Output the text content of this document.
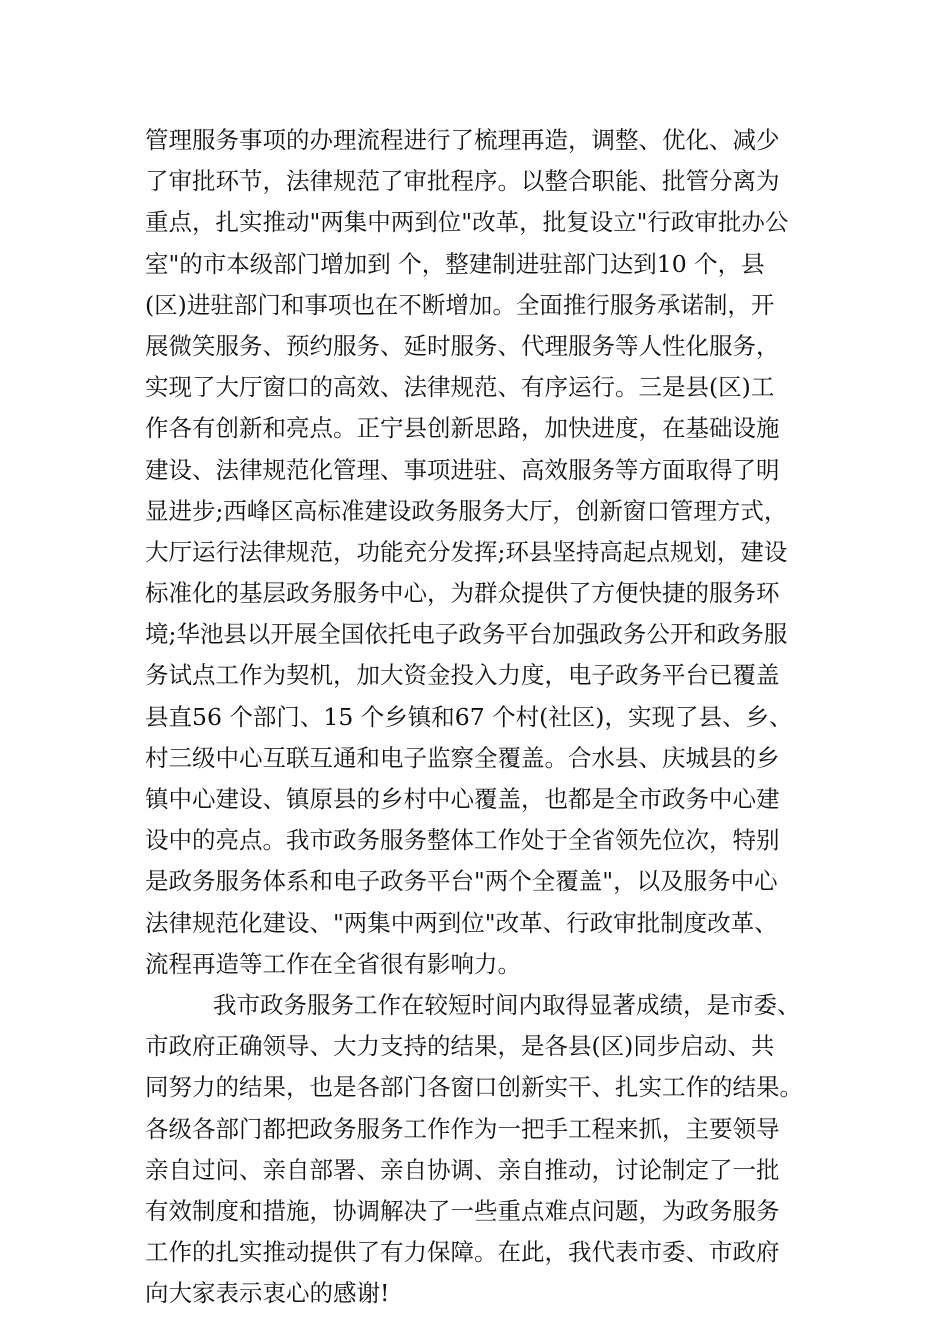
管理服务事项的办理流程进行了梳理再造，调整、优化、减少
了审批环节，法律规范了审批程序。以整合职能、批管分离为
重点，扎实推动"两集中两到位"改革，批复设立"行政审批办公
室"的市本级部门增加到 个，整建制进驻部门达到10 个，县
(区)进驻部门和事项也在不断增加。全面推行服务承诺制，开
展微笑服务、预约服务、延时服务、代理服务等人性化服务，
实现了大厅窗口的高效、法律规范、有序运行。三是县(区)工
作各有创新和亮点。正宁县创新思路，加快进度，在基础设施
建设、法律规范化管理、事项进驻、高效服务等方面取得了明
显进步;西峰区高标准建设政务服务大厅，创新窗口管理方式，
大厅运行法律规范，功能充分发挥;环县坚持高起点规划，建设
标准化的基层政务服务中心，为群众提供了方便快捷的服务环
境;华池县以开展全国依托电子政务平台加强政务公开和政务服
务试点工作为契机，加大资金投入力度，电子政务平台已覆盖
县直56 个部门、15 个乡镇和67 个村(社区)，实现了县、乡、
村三级中心互联互通和电子监察全覆盖。合水县、庆城县的乡
镇中心建设、镇原县的乡村中心覆盖，也都是全市政务中心建
设中的亮点。我市政务服务整体工作处于全省领先位次，特别
是政务服务体系和电子政务平台"两个全覆盖"，以及服务中心
法律规范化建设、"两集中两到位"改革、行政审批制度改革、
流程再造等工作在全省很有影响力。
我市政务服务工作在较短时间内取得显著成绩，是市委、
市政府正确领导、大力支持的结果，是各县(区)同步启动、共
同努力的结果，也是各部门各窗口创新实干、扎实工作的结果。
各级各部门都把政务服务工作作为一把手工程来抓，主要领导
亲自过问、亲自部署、亲自协调、亲自推动，讨论制定了一批
有效制度和措施，协调解决了一些重点难点问题，为政务服务
工作的扎实推动提供了有力保障。在此，我代表市委、市政府
向大家表示衷心的感谢!
